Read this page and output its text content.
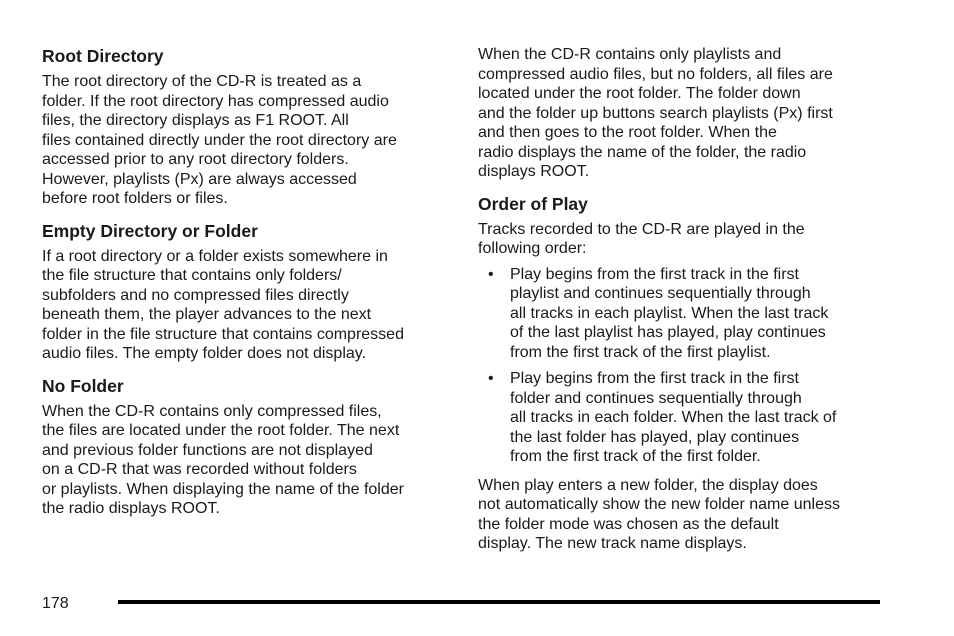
Root Directory

The root directory of the CD-R is treated as a
folder. If the root directory has compressed audio
files, the directory displays as F1 ROOT. All
files contained directly under the root directory are
accessed prior to any root directory folders.
However, playlists (Px) are always accessed
before root folders or files.

Empty Directory or Folder

If a root directory or a folder exists somewhere in
the file structure that contains only folders/
subfolders and no compressed files directly
beneath them, the player advances to the next
folder in the file structure that contains compressed
audio files. The empty folder does not display.

No Folder

When the CD-R contains only compressed files,
the files are located under the root folder. The next
and previous folder functions are not displayed
on a CD-R that was recorded without folders
or playlists. When displaying the name of the folder
the radio displays ROOT.

When the CD-R contains only playlists and
compressed audio files, but no folders, all files are
located under the root folder. The folder down
and the folder up buttons search playlists (Px) first
and then goes to the root folder. When the
radio displays the name of the folder, the radio
displays ROOT.

Order of Play

Tracks recorded to the CD-R are played in the
following order:

• Play begins from the first track in the first
playlist and continues sequentially through
all tracks in each playlist. When the last track
of the last playlist has played, play continues
from the first track of the first playlist.
• Play begins from the first track in the first
folder and continues sequentially through
all tracks in each folder. When the last track of
the last folder has played, play continues
from the first track of the first folder.

When play enters a new folder, the display does
not automatically show the new folder name unless
the folder mode was chosen as the default
display. The new track name displays.

178
